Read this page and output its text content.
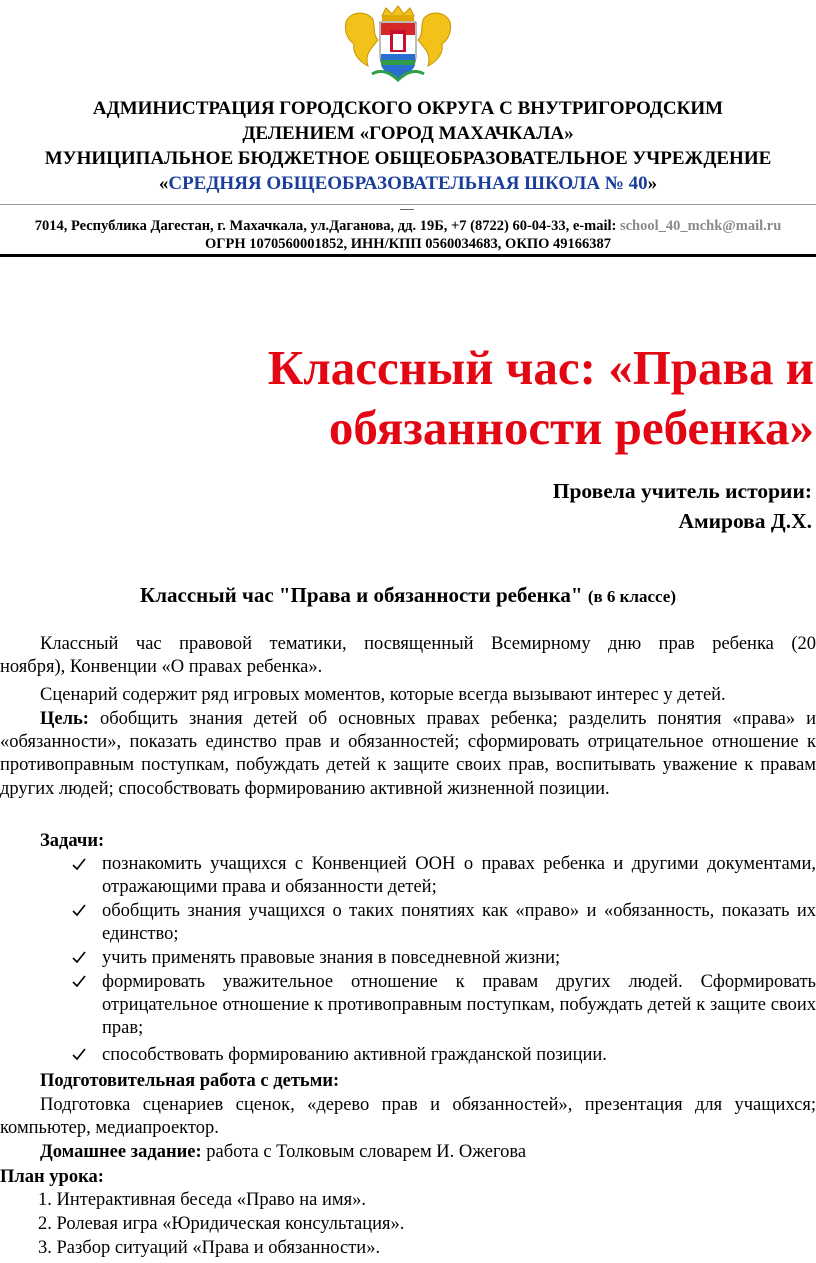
АДМИНИСТРАЦИЯ ГОРОДСКОГО ОКРУГА С ВНУТРИГОРОДСКИМ
ДЕЛЕНИЕМ «ГОРОД МАХАЧКАЛА»
МУНИЦИПАЛЬНОЕ БЮДЖЕТНОЕ ОБЩЕОБРАЗОВАТЕЛЬНОЕ УЧРЕЖДЕНИЕ
«СРЕДНЯЯ ОБЩЕОБРАЗОВАТЕЛЬНАЯ ШКОЛА № 40»
7014, Республика Дагестан, г. Махачкала, ул.Даганова, дд. 19Б, +7 (8722) 60-04-33, e-mail: school_40_mchk@mail.ru
ОГРН 1070560001852, ИНН/КПП 0560034683, ОКПО 49166387
Классный час: «Права и
обязанности ребенка»
Провела учитель истории:
Амирова Д.Х.
Классный час "Права и обязанности ребенка" (в 6 классе)
Классный час правовой тематики, посвященный Всемирному дню прав ребенка (20
ноября), Конвенции «О правах ребенка».
Сценарий содержит ряд игровых моментов, которые всегда вызывают интерес у детей.
Цель: обобщить знания детей об основных правах ребенка; разделить понятия «права» и «обязанности», показать единство прав и обязанностей; сформировать отрицательное отношение к противоправным поступкам, побуждать детей к защите своих прав, воспитывать уважение к правам других людей; способствовать формированию активной жизненной позиции.
Задачи:
познакомить учащихся с Конвенцией ООН о правах ребенка и другими документами, отражающими права и обязанности детей;
обобщить знания учащихся о таких понятиях как «право» и «обязанность, показать их единство;
учить применять правовые знания в повседневной жизни;
формировать уважительное отношение к правам других людей. Сформировать отрицательное отношение к противоправным поступкам, побуждать детей к защите своих прав;
способствовать формированию активной гражданской позиции.
Подготовительная работа с детьми:
Подготовка сценариев сценок, «дерево прав и обязанностей», презентация для учащихся; компьютер, медиапроектор.
Домашнее задание: работа с Толковым словарем И. Ожегова
План урока:
1. Интерактивная беседа «Право на имя».
2. Ролевая игра «Юридическая консультация».
3. Разбор ситуаций «Права и обязанности».
